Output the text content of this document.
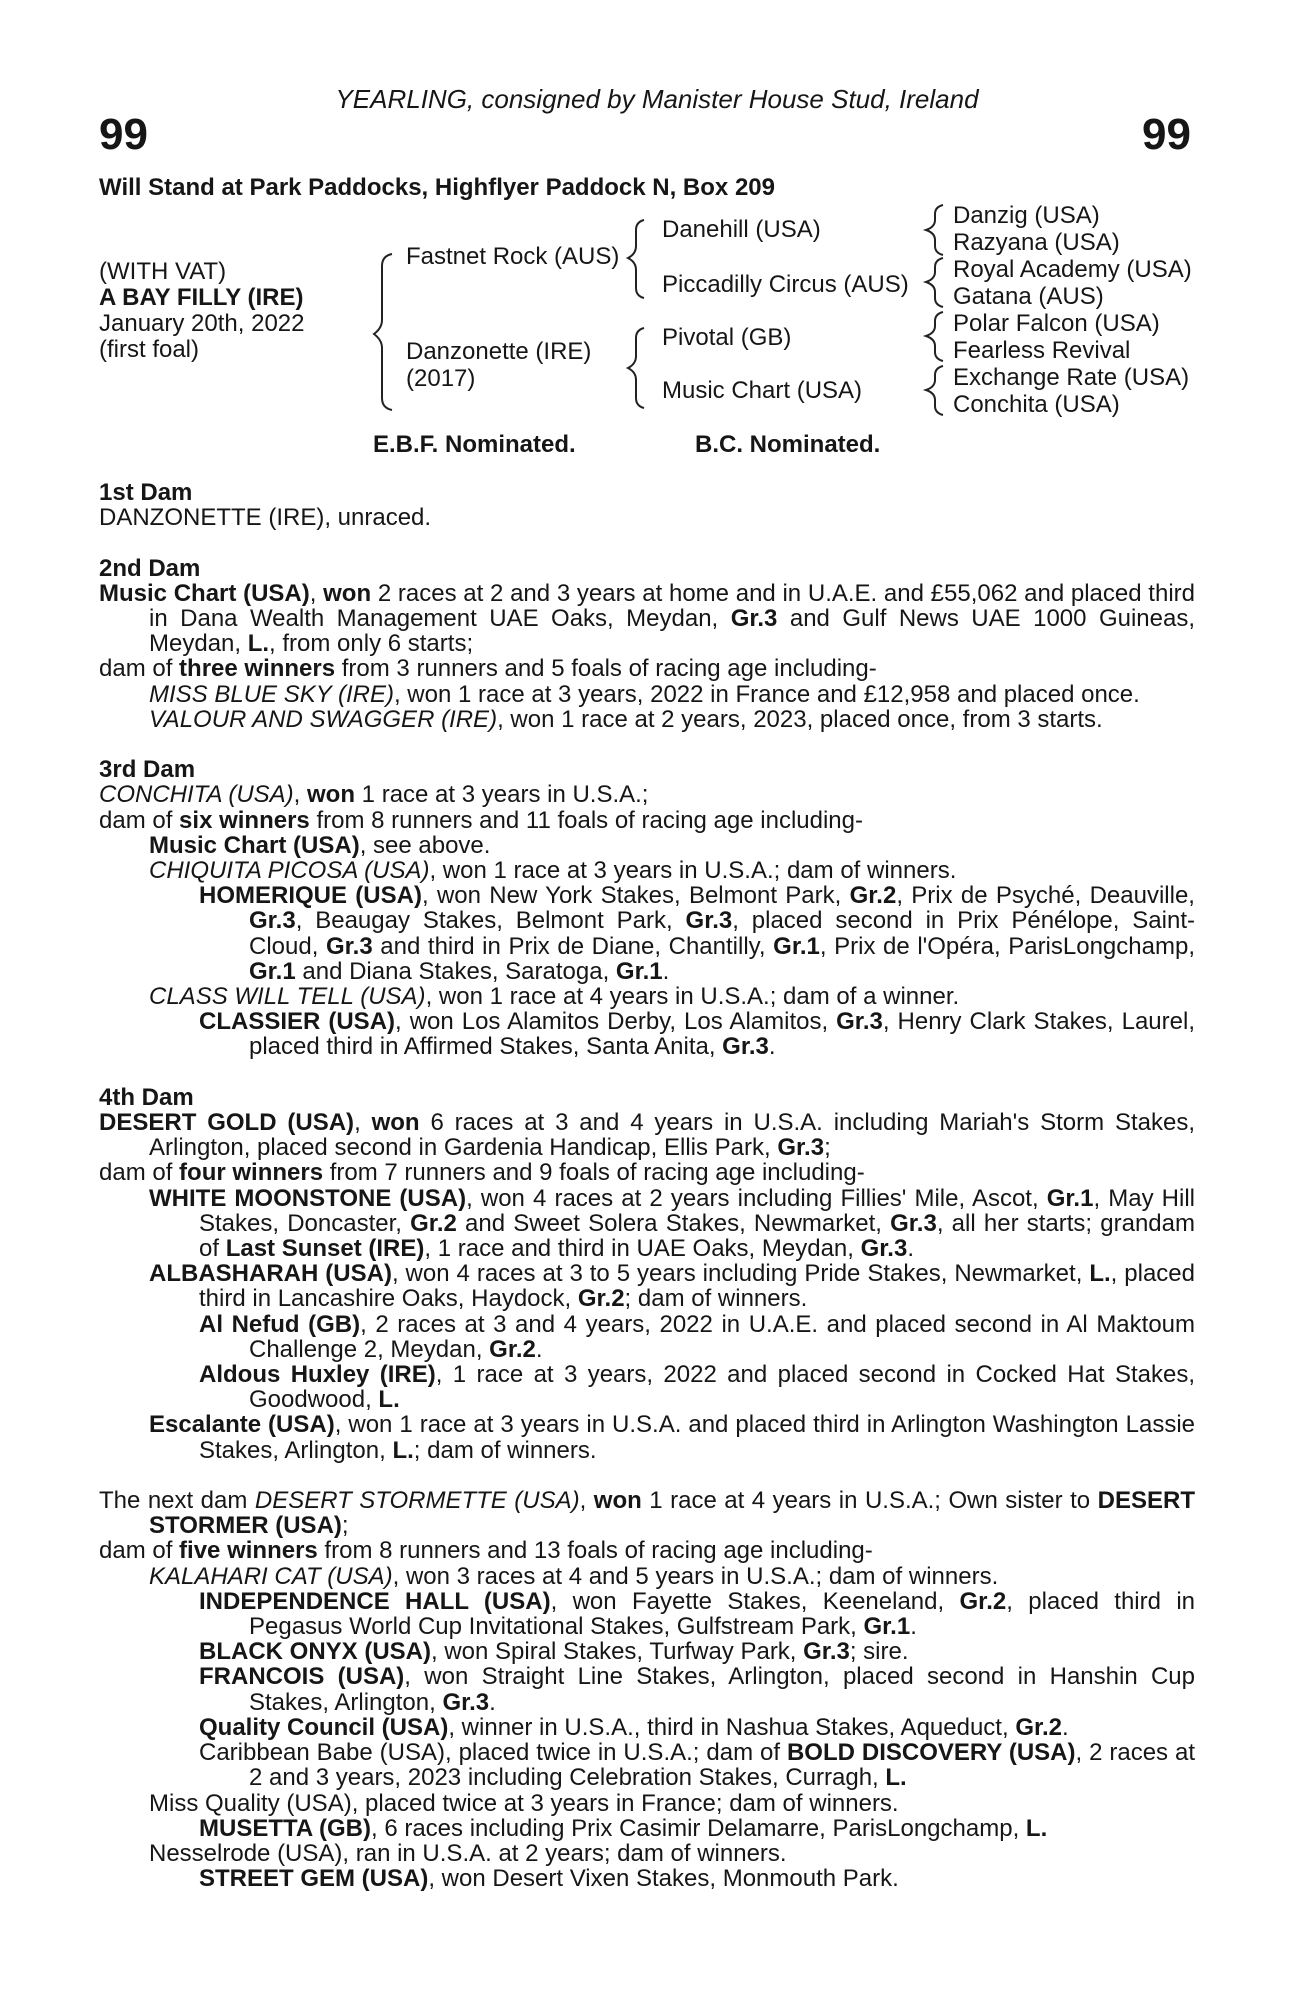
YEARLING, consigned by Manister House Stud, Ireland
99	99
Will Stand at Park Paddocks, Highflyer Paddock N, Box 209
(WITH VAT)
A BAY FILLY (IRE)
January 20th, 2022
(first foal)
Fastnet Rock (AUS)
Danzonette (IRE)
(2017)
Danehill (USA)
Piccadilly Circus (AUS)
Pivotal (GB)
Music Chart (USA)
Danzig (USA)
Razyana (USA)
Royal Academy (USA)
Gatana (AUS)
Polar Falcon (USA)
Fearless Revival
Exchange Rate (USA)
Conchita (USA)
E.B.F. Nominated.	B.C. Nominated.
1st Dam
DANZONETTE (IRE), unraced.
2nd Dam
Music Chart (USA), won 2 races at 2 and 3 years at home and in U.A.E. and £55,062 and placed third in Dana Wealth Management UAE Oaks, Meydan, Gr.3 and Gulf News UAE 1000 Guineas, Meydan, L., from only 6 starts;
dam of three winners from 3 runners and 5 foals of racing age including-
MISS BLUE SKY (IRE), won 1 race at 3 years, 2022 in France and £12,958 and placed once.
VALOUR AND SWAGGER (IRE), won 1 race at 2 years, 2023, placed once, from 3 starts.
3rd Dam
CONCHITA (USA), won 1 race at 3 years in U.S.A.;
dam of six winners from 8 runners and 11 foals of racing age including-
Music Chart (USA), see above.
CHIQUITA PICOSA (USA), won 1 race at 3 years in U.S.A.; dam of winners.
HOMERIQUE (USA), won New York Stakes, Belmont Park, Gr.2, Prix de Psyché, Deauville, Gr.3, Beaugay Stakes, Belmont Park, Gr.3, placed second in Prix Pénélope, Saint-Cloud, Gr.3 and third in Prix de Diane, Chantilly, Gr.1, Prix de l'Opéra, ParisLongchamp, Gr.1 and Diana Stakes, Saratoga, Gr.1.
CLASS WILL TELL (USA), won 1 race at 4 years in U.S.A.; dam of a winner.
CLASSIER (USA), won Los Alamitos Derby, Los Alamitos, Gr.3, Henry Clark Stakes, Laurel, placed third in Affirmed Stakes, Santa Anita, Gr.3.
4th Dam
DESERT GOLD (USA), won 6 races at 3 and 4 years in U.S.A. including Mariah's Storm Stakes, Arlington, placed second in Gardenia Handicap, Ellis Park, Gr.3;
dam of four winners from 7 runners and 9 foals of racing age including-
WHITE MOONSTONE (USA), won 4 races at 2 years including Fillies' Mile, Ascot, Gr.1, May Hill Stakes, Doncaster, Gr.2 and Sweet Solera Stakes, Newmarket, Gr.3, all her starts; grandam of Last Sunset (IRE), 1 race and third in UAE Oaks, Meydan, Gr.3.
ALBASHARAH (USA), won 4 races at 3 to 5 years including Pride Stakes, Newmarket, L., placed third in Lancashire Oaks, Haydock, Gr.2; dam of winners.
Al Nefud (GB), 2 races at 3 and 4 years, 2022 in U.A.E. and placed second in Al Maktoum Challenge 2, Meydan, Gr.2.
Aldous Huxley (IRE), 1 race at 3 years, 2022 and placed second in Cocked Hat Stakes, Goodwood, L.
Escalante (USA), won 1 race at 3 years in U.S.A. and placed third in Arlington Washington Lassie Stakes, Arlington, L.; dam of winners.
The next dam DESERT STORMETTE (USA), won 1 race at 4 years in U.S.A.; Own sister to DESERT STORMER (USA);
dam of five winners from 8 runners and 13 foals of racing age including-
KALAHARI CAT (USA), won 3 races at 4 and 5 years in U.S.A.; dam of winners.
INDEPENDENCE HALL (USA), won Fayette Stakes, Keeneland, Gr.2, placed third in Pegasus World Cup Invitational Stakes, Gulfstream Park, Gr.1.
BLACK ONYX (USA), won Spiral Stakes, Turfway Park, Gr.3; sire.
FRANCOIS (USA), won Straight Line Stakes, Arlington, placed second in Hanshin Cup Stakes, Arlington, Gr.3.
Quality Council (USA), winner in U.S.A., third in Nashua Stakes, Aqueduct, Gr.2.
Caribbean Babe (USA), placed twice in U.S.A.; dam of BOLD DISCOVERY (USA), 2 races at 2 and 3 years, 2023 including Celebration Stakes, Curragh, L.
Miss Quality (USA), placed twice at 3 years in France; dam of winners.
MUSETTA (GB), 6 races including Prix Casimir Delamarre, ParisLongchamp, L.
Nesselrode (USA), ran in U.S.A. at 2 years; dam of winners.
STREET GEM (USA), won Desert Vixen Stakes, Monmouth Park.
